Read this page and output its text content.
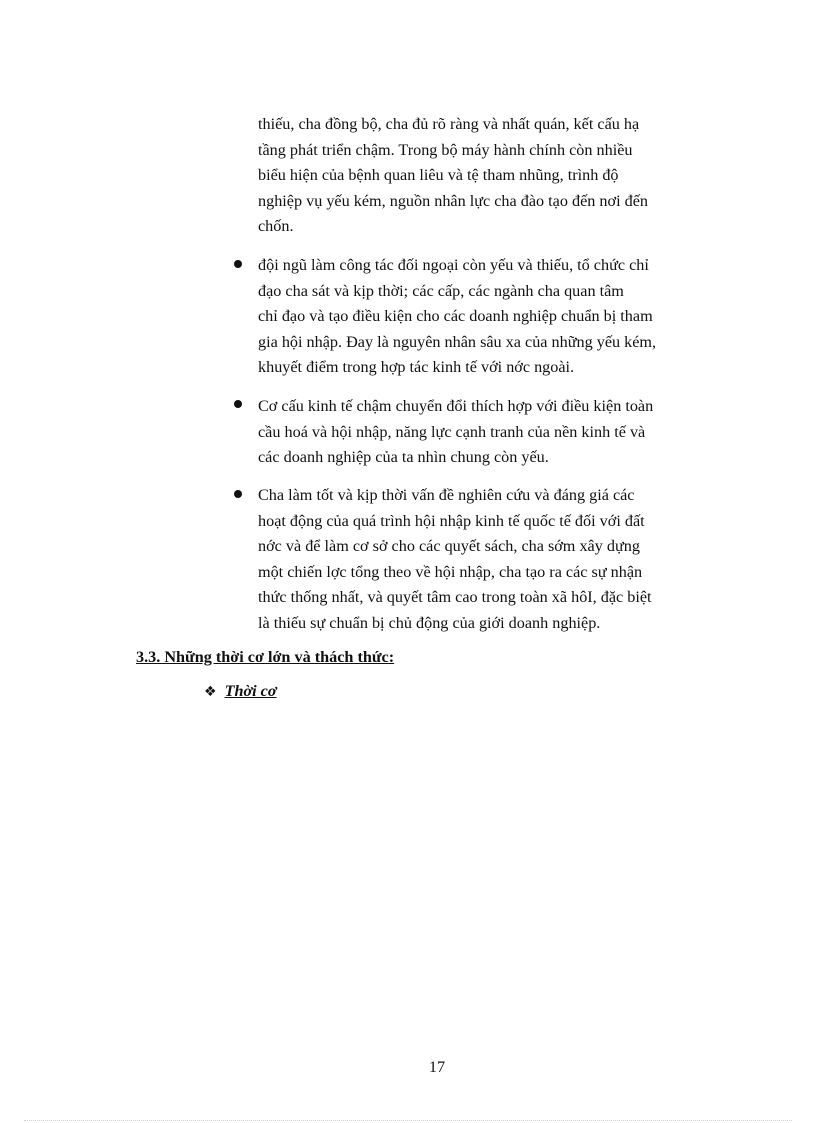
thiếu, cha đồng bộ, cha đủ rõ ràng và nhất quán, kết cấu hạ

tầng phát triển chậm. Trong bộ máy hành chính còn nhiều

biểu hiện của bệnh quan liêu và tệ tham nhũng, trình độ

nghiệp vụ yếu kém, nguồn nhân lực cha đào tạo đến nơi đến

chốn.

đội ngũ làm công tác đối ngoại còn yếu và thiếu, tổ chức chỉ

đạo cha sát và kịp thời; các cấp, các ngành cha quan tâm

chỉ đạo và tạo điều kiện cho các doanh nghiệp chuẩn bị tham

gia hội nhập. Đay là nguyên nhân sâu xa của những yếu kém,

khuyết điểm trong hợp tác kinh tế với nớc ngoài.

Cơ cấu kinh tế chậm chuyển đổi thích hợp với điều kiện toàn

cầu hoá và hội nhập, năng lực cạnh tranh của nền kinh tế và

các doanh nghiệp của ta nhìn chung còn yếu.

Cha làm tốt và kịp thời vấn đề nghiên cứu và đáng giá các

hoạt động của quá trình hội nhập kinh tế quốc tế đối với đất

nớc và để làm cơ sở cho các quyết sách, cha sớm xây dựng

một chiến lợc tổng theo về hội nhập, cha tạo ra các sự nhận

thức thống nhất, và quyết tâm cao trong toàn xã hôI, đặc biệt

là thiếu sự chuẩn bị chủ động của giới doanh nghiệp.

3.3. Những thời cơ lớn và thách thức:
❖ Thời cơ
17
